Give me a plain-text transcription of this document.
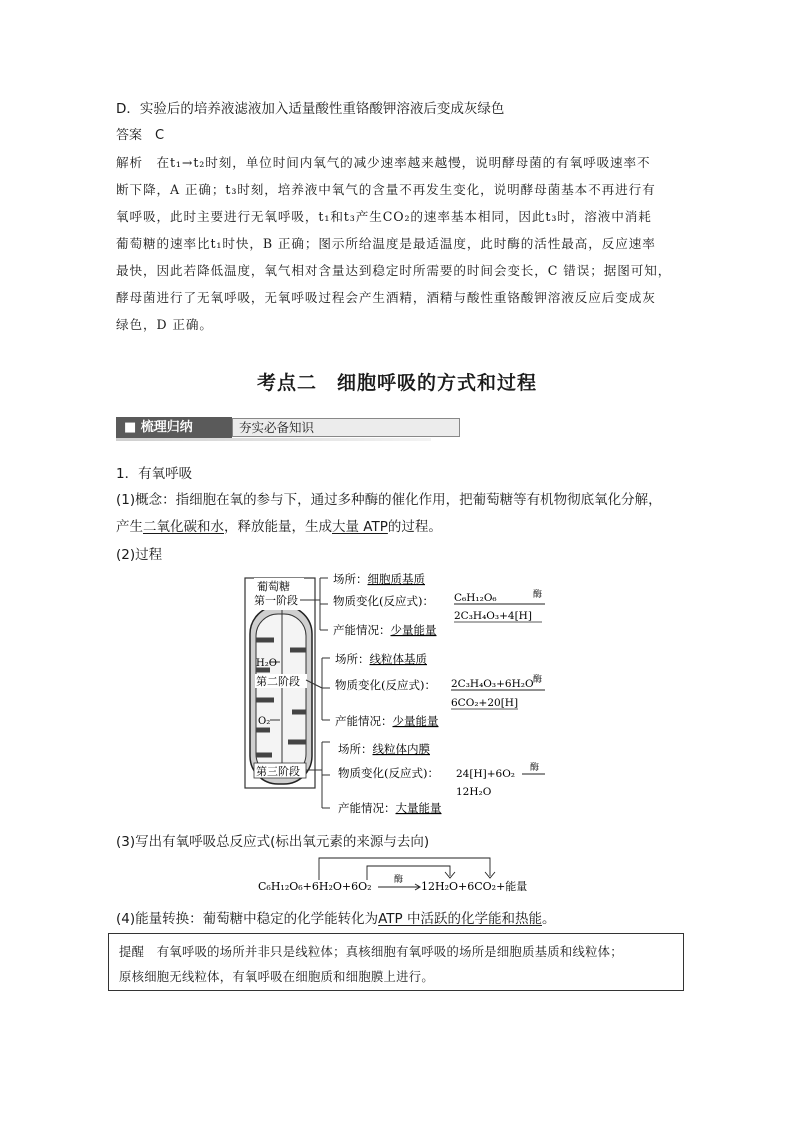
D．实验后的培养液滤液加入适量酸性重铬酸钾溶液后变成灰绿色
答案　C
解析　在t₁→t₂时刻，单位时间内氧气的减少速率越来越慢，说明酵母菌的有氧呼吸速率不
断下降，A 正确；t₃时刻，培养液中氧气的含量不再发生变化，说明酵母菌基本不再进行有
氧呼吸，此时主要进行无氧呼吸，t₁和t₃产生CO₂的速率基本相同，因此t₃时，溶液中消耗
葡萄糖的速率比t₁时快，B 正确；图示所给温度是最适温度，此时酶的活性最高，反应速率
最快，因此若降低温度，氧气相对含量达到稳定时所需要的时间会变长，C 错误；据图可知，
酵母菌进行了无氧呼吸，无氧呼吸过程会产生酒精，酒精与酸性重铬酸钾溶液反应后变成灰
绿色，D 正确。
考点二　细胞呼吸的方式和过程
■ 梳理归纳	夯实必备知识
1．有氧呼吸
(1)概念：指细胞在氧的参与下，通过多种酶的催化作用，把葡萄糖等有机物彻底氧化分解，
产生二氧化碳和水，释放能量，生成大量 ATP的过程。
(2)过程
葡萄糖
第一阶段
H₂O
第二阶段
O₂
第三阶段
场所：细胞质基质
物质变化(反应式)： C₆H₁₂O₆	酶
2C₃H₄O₃+4[H]
产能情况：少量能量
场所：线粒体基质
物质变化(反应式)： 2C₃H₄O₃+6H₂O 酶
6CO₂+20[H]
产能情况：少量能量
场所：线粒体内膜
物质变化(反应式)： 24[H]+6O₂ 酶
12H₂O
产能情况：大量能量
(3)写出有氧呼吸总反应式(标出氧元素的来源与去向)
C₆H₁₂O₆+6H₂O+6O₂ 酶 12H₂O+6CO₂+能量
(4)能量转换：葡萄糖中稳定的化学能转化为ATP 中活跃的化学能和热能。
提醒　有氧呼吸的场所并非只是线粒体；真核细胞有氧呼吸的场所是细胞质基质和线粒体；
原核细胞无线粒体，有氧呼吸在细胞质和细胞膜上进行。
